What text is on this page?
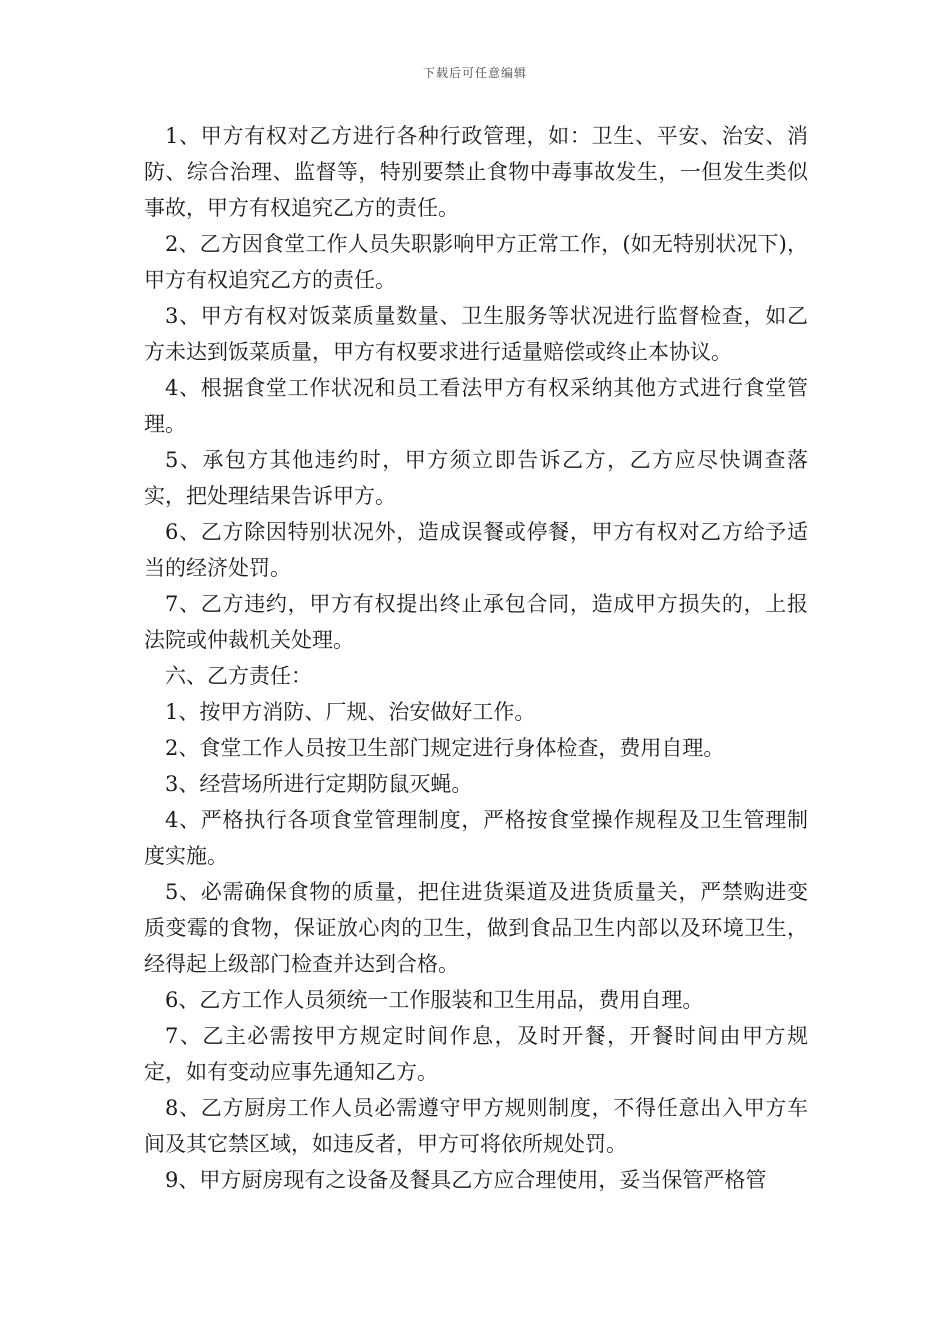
下载后可任意编辑

1、甲方有权对乙方进行各种行政管理，如：卫生、平安、治安、消防、综合治理、监督等，特别要禁止食物中毒事故发生，一但发生类似事故，甲方有权追究乙方的责任。

2、乙方因食堂工作人员失职影响甲方正常工作，(如无特别状况下)，甲方有权追究乙方的责任。

3、甲方有权对饭菜质量数量、卫生服务等状况进行监督检查，如乙方未达到饭菜质量，甲方有权要求进行适量赔偿或终止本协议。

4、根据食堂工作状况和员工看法甲方有权采纳其他方式进行食堂管理。

5、承包方其他违约时，甲方须立即告诉乙方，乙方应尽快调查落实，把处理结果告诉甲方。

6、乙方除因特别状况外，造成误餐或停餐，甲方有权对乙方给予适当的经济处罚。

7、乙方违约，甲方有权提出终止承包合同，造成甲方损失的，上报法院或仲裁机关处理。

六、乙方责任：

1、按甲方消防、厂规、治安做好工作。

2、食堂工作人员按卫生部门规定进行身体检查，费用自理。

3、经营场所进行定期防鼠灭蝇。

4、严格执行各项食堂管理制度，严格按食堂操作规程及卫生管理制度实施。

5、必需确保食物的质量，把住进货渠道及进货质量关，严禁购进变质变霉的食物，保证放心肉的卫生，做到食品卫生内部以及环境卫生，经得起上级部门检查并达到合格。

6、乙方工作人员须统一工作服装和卫生用品，费用自理。

7、乙主必需按甲方规定时间作息，及时开餐，开餐时间由甲方规定，如有变动应事先通知乙方。

8、乙方厨房工作人员必需遵守甲方规则制度，不得任意出入甲方车间及其它禁区域，如违反者，甲方可将依所规处罚。

9、甲方厨房现有之设备及餐具乙方应合理使用，妥当保管严格管
